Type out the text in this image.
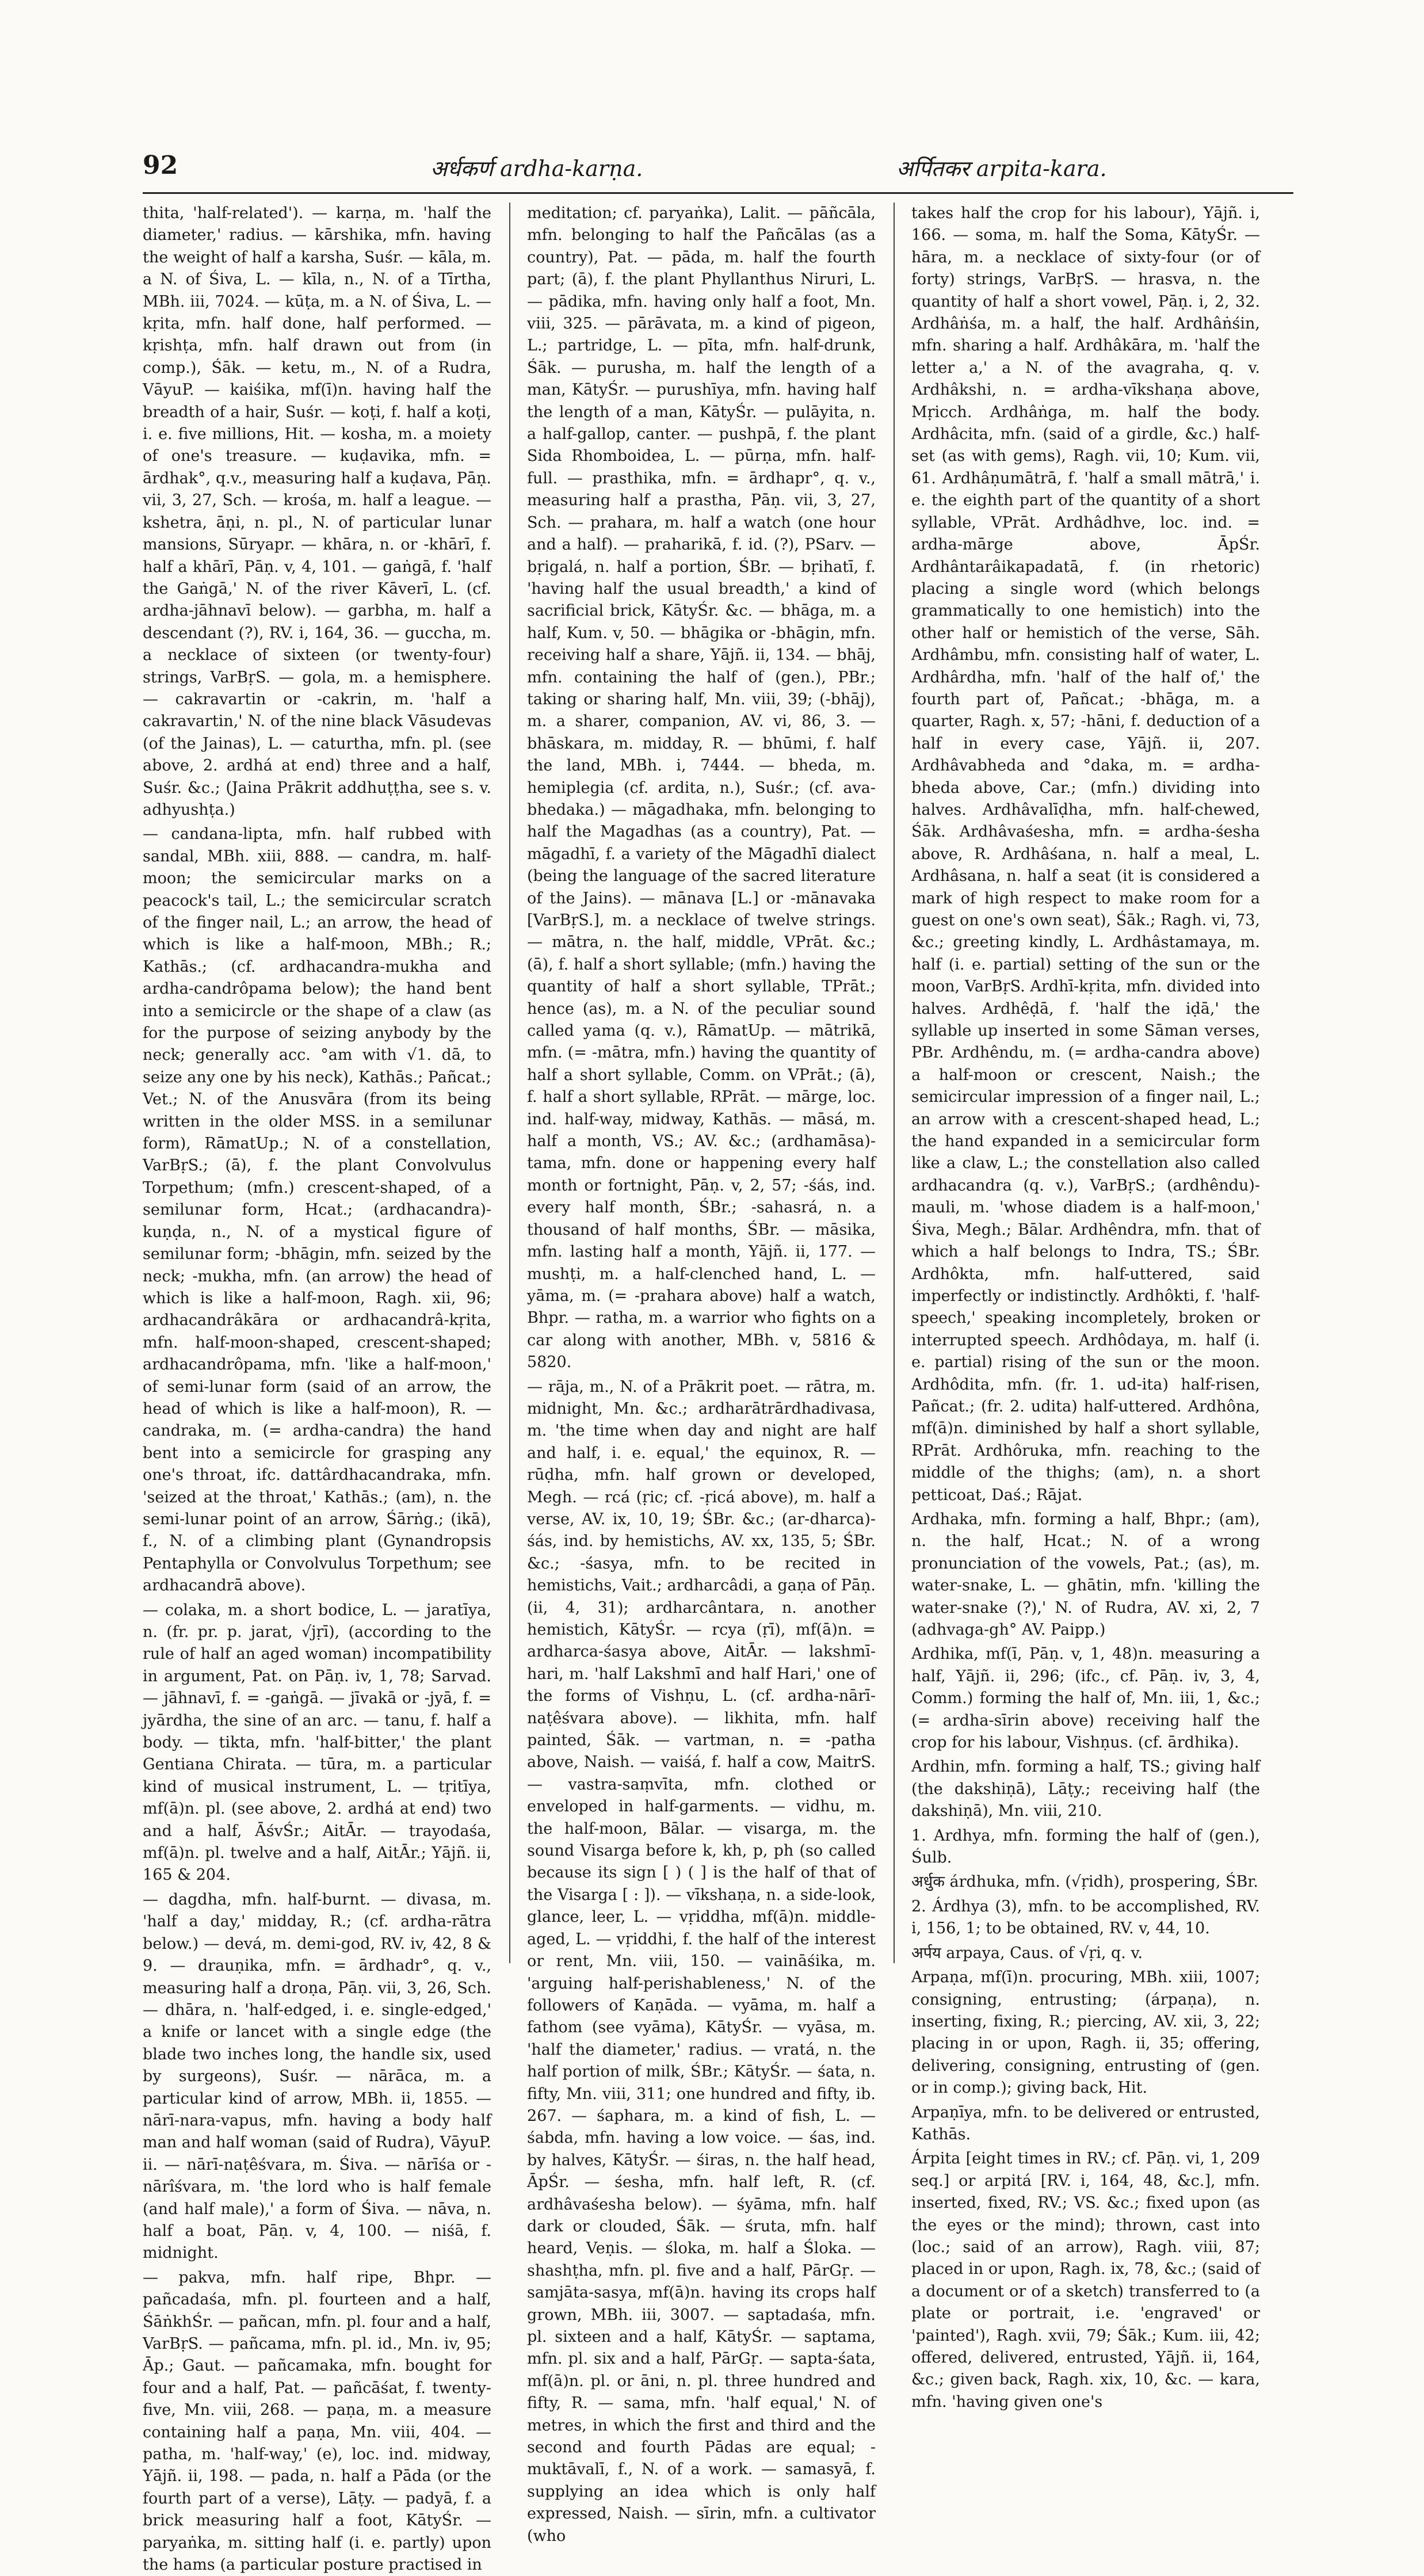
92	अर्धकर्ण ardha-karṇa.	अर्पितकर arpita-kara.

thita, 'half-related'). — karṇa, m. 'half the diameter,' radius. — kārshika, mfn. having the weight of half a karsha, Suśr. — kāla, m. a N. of Śiva, L. — kīla, n., N. of a Tīrtha, MBh. iii, 7024. — kūṭa, m. a N. of Śiva, L. — kṛita, mfn. half done, half performed. — kṛishṭa, mfn. half drawn out from (in comp.), Śāk. — ketu, m., N. of a Rudra, VāyuP. — kaiśika, mf(ī)n. having half the breadth of a hair, Suśr. — koṭi, f. half a koṭi, i. e. five millions, Hit. — kosha, m. a moiety of one's treasure. — kuḍavika, mfn. = ārdhak°, q.v., measuring half a kuḍava, Pāṇ. vii, 3, 27, Sch. — krośa, m. half a league. — kshetra, āṇi, n. pl., N. of particular lunar mansions, Sūryapr. — khāra, n. or -khārī, f. half a khārī, Pāṇ. v, 4, 101. — gaṅgā, f. 'half the Gaṅgā,' N. of the river Kāverī, L. (cf. ardha-jāhnavī below). — garbha, m. half a descendant (?), RV. i, 164, 36. — guccha, m. a necklace of sixteen (or twenty-four) strings, VarBṛS. — gola, m. a hemisphere. — cakravartin or -cakrin, m. 'half a cakravartin,' N. of the nine black Vāsudevas (of the Jainas), L. — caturtha, mfn. pl. (see above, 2. ardhá at end) three and a half, Suśr. &c.; (Jaina Prākrit addhuṭṭha, see s. v. adhyushṭa.)

— candana-lipta, mfn. half rubbed with sandal, MBh. xiii, 888. — candra, m. half-moon; the semicircular marks on a peacock's tail, L.; the semicircular scratch of the finger nail, L.; an arrow, the head of which is like a half-moon, MBh.; R.; Kathās.; (cf. ardhacandra-mukha and ardha-candrôpama below); the hand bent into a semicircle or the shape of a claw (as for the purpose of seizing anybody by the neck; generally acc. °am with √1. dā, to seize any one by his neck), Kathās.; Pañcat.; Vet.; N. of the Anusvāra (from its being written in the older MSS. in a semilunar form), RāmatUp.; N. of a constellation, VarBṛS.; (ā), f. the plant Convolvulus Torpethum; (mfn.) crescent-shaped, of a semilunar form, Hcat.; (ardhacandra)-kuṇḍa, n., N. of a mystical figure of semilunar form; -bhāgin, mfn. seized by the neck; -mukha, mfn. (an arrow) the head of which is like a half-moon, Ragh. xii, 96; ardhacandrâkāra or ardhacandrâ-kṛita, mfn. half-moon-shaped, crescent-shaped; ardhacandrôpama, mfn. 'like a half-moon,' of semi-lunar form (said of an arrow, the head of which is like a half-moon), R. — candraka, m. (= ardha-candra) the hand bent into a semicircle for grasping any one's throat, ifc. dattârdhacandraka, mfn. 'seized at the throat,' Kathās.; (am), n. the semi-lunar point of an arrow, Śārṅg.; (ikā), f., N. of a climbing plant (Gynandropsis Pentaphylla or Convolvulus Torpethum; see ardhacandrā above).

— colaka, m. a short bodice, L. — jaratīya, n. (fr. pr. p. jarat, √jṛī), (according to the rule of half an aged woman) incompatibility in argument, Pat. on Pāṇ. iv, 1, 78; Sarvad. — jāhnavī, f. = -gaṅgā. — jīvakā or -jyā, f. = jyārdha, the sine of an arc. — tanu, f. half a body. — tikta, mfn. 'half-bitter,' the plant Gentiana Chirata. — tūra, m. a particular kind of musical instrument, L. — tṛitīya, mf(ā)n. pl. (see above, 2. ardhá at end) two and a half, ĀśvŚr.; AitĀr. — trayodaśa, mf(ā)n. pl. twelve and a half, AitĀr.; Yājñ. ii, 165 & 204.

— dagdha, mfn. half-burnt. — divasa, m. 'half a day,' midday, R.; (cf. ardha-rātra below.) — devá, m. demi-god, RV. iv, 42, 8 & 9. — drauṇika, mfn. = ārdhadr°, q. v., measuring half a droṇa, Pāṇ. vii, 3, 26, Sch. — dhāra, n. 'half-edged, i. e. single-edged,' a knife or lancet with a single edge (the blade two inches long, the handle six, used by surgeons), Suśr. — nārāca, m. a particular kind of arrow, MBh. ii, 1855. — nārī-nara-vapus, mfn. having a body half man and half woman (said of Rudra), VāyuP. ii. — nārī-naṭêśvara, m. Śiva. — nārīśa or -nārîśvara, m. 'the lord who is half female (and half male),' a form of Śiva. — nāva, n. half a boat, Pāṇ. v, 4, 100. — niśā, f. midnight.

— pakva, mfn. half ripe, Bhpr. — pañcadaśa, mfn. pl. fourteen and a half, ŚāṅkhŚr. — pañcan, mfn. pl. four and a half, VarBṛS. — pañcama, mfn. pl. id., Mn. iv, 95; Āp.; Gaut. — pañcamaka, mfn. bought for four and a half, Pat. — pañcāśat, f. twenty-five, Mn. viii, 268. — paṇa, m. a measure containing half a paṇa, Mn. viii, 404. — patha, m. 'half-way,' (e), loc. ind. midway, Yājñ. ii, 198. — pada, n. half a Pāda (or the fourth part of a verse), Lāṭy. — padyā, f. a brick measuring half a foot, KātyŚr. — paryaṅka, m. sitting half (i. e. partly) upon the hams (a particular posture practised in

meditation; cf. paryaṅka), Lalit. — pāñcāla, mfn. belonging to half the Pañcālas (as a country), Pat. — pāda, m. half the fourth part; (ā), f. the plant Phyllanthus Niruri, L. — pādika, mfn. having only half a foot, Mn. viii, 325. — pārāvata, m. a kind of pigeon, L.; partridge, L. — pīta, mfn. half-drunk, Śāk. — purusha, m. half the length of a man, KātyŚr. — purushīya, mfn. having half the length of a man, KātyŚr. — pulāyita, n. a half-gallop, canter. — pushpā, f. the plant Sida Rhomboidea, L. — pūrṇa, mfn. half-full. — prasthika, mfn. = ārdhapr°, q. v., measuring half a prastha, Pāṇ. vii, 3, 27, Sch. — prahara, m. half a watch (one hour and a half). — praharikā, f. id. (?), PSarv. — bṛigalá, n. half a portion, ŚBr. — bṛihatī, f. 'having half the usual breadth,' a kind of sacrificial brick, KātyŚr. &c. — bhāga, m. a half, Kum. v, 50. — bhāgika or -bhāgin, mfn. receiving half a share, Yājñ. ii, 134. — bhāj, mfn. containing the half of (gen.), PBr.; taking or sharing half, Mn. viii, 39; (-bhāj), m. a sharer, companion, AV. vi, 86, 3. — bhāskara, m. midday, R. — bhūmi, f. half the land, MBh. i, 7444. — bheda, m. hemiplegia (cf. ardita, n.), Suśr.; (cf. ava-bhedaka.) — māgadhaka, mfn. belonging to half the Magadhas (as a country), Pat. — māgadhī, f. a variety of the Māgadhī dialect (being the language of the sacred literature of the Jains). — mānava [L.] or -mānavaka [VarBṛS.], m. a necklace of twelve strings. — mātra, n. the half, middle, VPrāt. &c.; (ā), f. half a short syllable; (mfn.) having the quantity of half a short syllable, TPrāt.; hence (as), m. a N. of the peculiar sound called yama (q. v.), RāmatUp. — mātrikā, mfn. (= -mātra, mfn.) having the quantity of half a short syllable, Comm. on VPrāt.; (ā), f. half a short syllable, RPrāt. — mārge, loc. ind. half-way, midway, Kathās. — māsá, m. half a month, VS.; AV. &c.; (ardhamāsa)-tama, mfn. done or happening every half month or fortnight, Pāṇ. v, 2, 57; -śás, ind. every half month, ŚBr.; -sahasrá, n. a thousand of half months, ŚBr. — māsika, mfn. lasting half a month, Yājñ. ii, 177. — mushṭi, m. a half-clenched hand, L. — yāma, m. (= -prahara above) half a watch, Bhpr. — ratha, m. a warrior who fights on a car along with another, MBh. v, 5816 & 5820.

— rāja, m., N. of a Prākrit poet. — rātra, m. midnight, Mn. &c.; ardharātrārdhadivasa, m. 'the time when day and night are half and half, i. e. equal,' the equinox, R. — rūḍha, mfn. half grown or developed, Megh. — rcá (ṛic; cf. -ṛicá above), m. half a verse, AV. ix, 10, 19; ŚBr. &c.; (ar-dharca)-śás, ind. by hemistichs, AV. xx, 135, 5; ŚBr. &c.; -śasya, mfn. to be recited in hemistichs, Vait.; ardharcâdi, a gaṇa of Pāṇ. (ii, 4, 31); ardharcântara, n. another hemistich, KātyŚr. — rcya (ṛī), mf(ā)n. = ardharca-śasya above, AitĀr. — lakshmī-hari, m. 'half Lakshmī and half Hari,' one of the forms of Vishṇu, L. (cf. ardha-nārī-naṭêśvara above). — likhita, mfn. half painted, Śāk. — vartman, n. = -patha above, Naish. — vaiśá, f. half a cow, MaitrS. — vastra-saṃvīta, mfn. clothed or enveloped in half-garments. — vidhu, m. the half-moon, Bālar. — visarga, m. the sound Visarga before k, kh, p, ph (so called because its sign [ ) ( ] is the half of that of the Visarga [ : ]). — vīkshaṇa, n. a side-look, glance, leer, L. — vṛiddha, mf(ā)n. middle-aged, L. — vṛiddhi, f. the half of the interest or rent, Mn. viii, 150. — vaināśika, m. 'arguing half-perishableness,' N. of the followers of Kaṇāda. — vyāma, m. half a fathom (see vyāma), KātyŚr. — vyāsa, m. 'half the diameter,' radius. — vratá, n. the half portion of milk, ŚBr.; KātyŚr. — śata, n. fifty, Mn. viii, 311; one hundred and fifty, ib. 267. — śaphara, m. a kind of fish, L. — śabda, mfn. having a low voice. — śas, ind. by halves, KātyŚr. — śiras, n. the half head, ĀpŚr. — śesha, mfn. half left, R. (cf. ardhâvaśesha below). — śyāma, mfn. half dark or clouded, Śāk. — śruta, mfn. half heard, Veṇis. — śloka, m. half a Śloka. — shashṭha, mfn. pl. five and a half, PārGṛ. — samjāta-sasya, mf(ā)n. having its crops half grown, MBh. iii, 3007. — saptadaśa, mfn. pl. sixteen and a half, KātyŚr. — saptama, mfn. pl. six and a half, PārGṛ. — sapta-śata, mf(ā)n. pl. or āni, n. pl. three hundred and fifty, R. — sama, mfn. 'half equal,' N. of metres, in which the first and third and the second and fourth Pādas are equal; -muktāvalī, f., N. of a work. — samasyā, f. supplying an idea which is only half expressed, Naish. — sīrin, mfn. a cultivator (who

takes half the crop for his labour), Yājñ. i, 166. — soma, m. half the Soma, KātyŚr. — hāra, m. a necklace of sixty-four (or of forty) strings, VarBṛS. — hrasva, n. the quantity of half a short vowel, Pāṇ. i, 2, 32. Ardhâṅśa, m. a half, the half. Ardhâṅśin, mfn. sharing a half. Ardhâkāra, m. 'half the letter a,' a N. of the avagraha, q. v. Ardhâkshi, n. = ardha-vīkshaṇa above, Mṛicch. Ardhâṅga, m. half the body. Ardhâcita, mfn. (said of a girdle, &c.) half-set (as with gems), Ragh. vii, 10; Kum. vii, 61. Ardhâṇumātrā, f. 'half a small mātrā,' i. e. the eighth part of the quantity of a short syllable, VPrāt. Ardhâdhve, loc. ind. = ardha-mārge above, ĀpŚr. Ardhântarâikapadatā, f. (in rhetoric) placing a single word (which belongs grammatically to one hemistich) into the other half or hemistich of the verse, Sāh. Ardhâmbu, mfn. consisting half of water, L. Ardhârdha, mfn. 'half of the half of,' the fourth part of, Pañcat.; -bhāga, m. a quarter, Ragh. x, 57; -hāni, f. deduction of a half in every case, Yājñ. ii, 207. Ardhâvabheda and °daka, m. = ardha-bheda above, Car.; (mfn.) dividing into halves. Ardhâvalīḍha, mfn. half-chewed, Śāk. Ardhâvaśesha, mfn. = ardha-śesha above, R. Ardhâśana, n. half a meal, L. Ardhâsana, n. half a seat (it is considered a mark of high respect to make room for a guest on one's own seat), Śāk.; Ragh. vi, 73, &c.; greeting kindly, L. Ardhâstamaya, m. half (i. e. partial) setting of the sun or the moon, VarBṛS. Ardhī-kṛita, mfn. divided into halves. Ardhêḍā, f. 'half the iḍā,' the syllable up inserted in some Sāman verses, PBr. Ardhêndu, m. (= ardha-candra above) a half-moon or crescent, Naish.; the semicircular impression of a finger nail, L.; an arrow with a crescent-shaped head, L.; the hand expanded in a semicircular form like a claw, L.; the constellation also called ardhacandra (q. v.), VarBṛS.; (ardhêndu)-mauli, m. 'whose diadem is a half-moon,' Śiva, Megh.; Bālar. Ardhêndra, mfn. that of which a half belongs to Indra, TS.; ŚBr. Ardhôkta, mfn. half-uttered, said imperfectly or indistinctly. Ardhôkti, f. 'half-speech,' speaking incompletely, broken or interrupted speech. Ardhôdaya, m. half (i. e. partial) rising of the sun or the moon. Ardhôdita, mfn. (fr. 1. ud-ita) half-risen, Pañcat.; (fr. 2. udita) half-uttered. Ardhôna, mf(ā)n. diminished by half a short syllable, RPrāt. Ardhôruka, mfn. reaching to the middle of the thighs; (am), n. a short petticoat, Daś.; Rājat.

Ardhaka, mfn. forming a half, Bhpr.; (am), n. the half, Hcat.; N. of a wrong pronunciation of the vowels, Pat.; (as), m. water-snake, L. — ghātin, mfn. 'killing the water-snake (?),' N. of Rudra, AV. xi, 2, 7 (adhvaga-gh° AV. Paipp.)

Ardhika, mf(ī, Pāṇ. v, 1, 48)n. measuring a half, Yājñ. ii, 296; (ifc., cf. Pāṇ. iv, 3, 4, Comm.) forming the half of, Mn. iii, 1, &c.; (= ardha-sīrin above) receiving half the crop for his labour, Vishṇus. (cf. ārdhika).

Ardhin, mfn. forming a half, TS.; giving half (the dakshiṇā), Lāṭy.; receiving half (the dakshiṇā), Mn. viii, 210.

1. Ardhya, mfn. forming the half of (gen.), Śulb.

अर्धुक árdhuka, mfn. (√ṛidh), prospering, ŚBr.

2. Árdhya (3), mfn. to be accomplished, RV. i, 156, 1; to be obtained, RV. v, 44, 10.

अर्पय arpaya, Caus. of √ṛi, q. v.

Arpaṇa, mf(ī)n. procuring, MBh. xiii, 1007; consigning, entrusting; (árpaṇa), n. inserting, fixing, R.; piercing, AV. xii, 3, 22; placing in or upon, Ragh. ii, 35; offering, delivering, consigning, entrusting of (gen. or in comp.); giving back, Hit.

Arpaṇīya, mfn. to be delivered or entrusted, Kathās.

Árpita [eight times in RV.; cf. Pāṇ. vi, 1, 209 seq.] or arpitá [RV. i, 164, 48, &c.], mfn. inserted, fixed, RV.; VS. &c.; fixed upon (as the eyes or the mind); thrown, cast into (loc.; said of an arrow), Ragh. viii, 87; placed in or upon, Ragh. ix, 78, &c.; (said of a document or of a sketch) transferred to (a plate or portrait, i.e. 'engraved' or 'painted'), Ragh. xvii, 79; Śāk.; Kum. iii, 42; offered, delivered, entrusted, Yājñ. ii, 164, &c.; given back, Ragh. xix, 10, &c. — kara, mfn. 'having given one's
